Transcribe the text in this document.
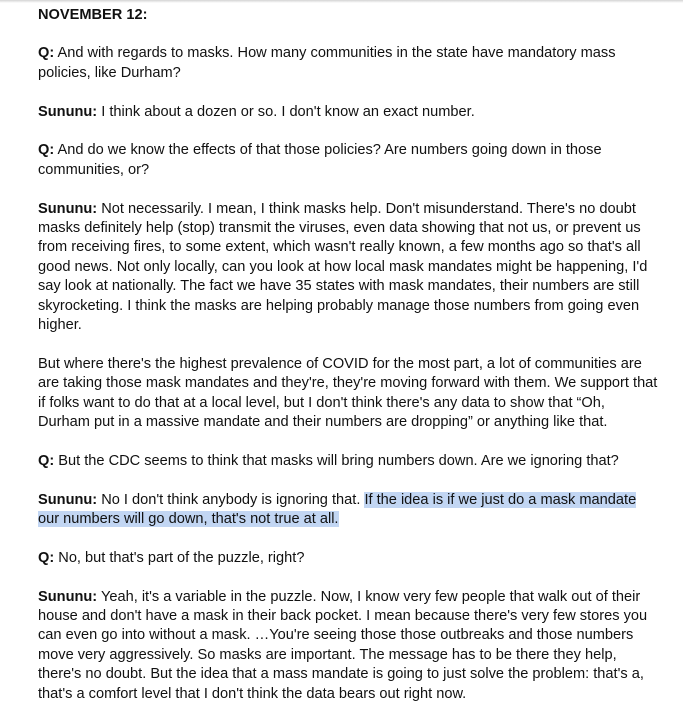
NOVEMBER 12:

Q: And with regards to masks. How many communities in the state have mandatory mass policies, like Durham?

Sununu: I think about a dozen or so. I don't know an exact number.

Q: And do we know the effects of that those policies? Are numbers going down in those communities, or?

Sununu: Not necessarily. I mean, I think masks help. Don't misunderstand. There's no doubt masks definitely help (stop) transmit the viruses, even data showing that not us, or prevent us from receiving fires, to some extent, which wasn't really known, a few months ago so that's all good news. Not only locally, can you look at how local mask mandates might be happening, I'd say look at nationally. The fact we have 35 states with mask mandates, their numbers are still skyrocketing. I think the masks are helping probably manage those numbers from going even higher.

But where there's the highest prevalence of COVID for the most part, a lot of communities are are taking those mask mandates and they're, they're moving forward with them. We support that if folks want to do that at a local level, but I don't think there's any data to show that “Oh, Durham put in a massive mandate and their numbers are dropping” or anything like that.

Q: But the CDC seems to think that masks will bring numbers down. Are we ignoring that?

Sununu: No I don't think anybody is ignoring that. If the idea is if we just do a mask mandate our numbers will go down, that's not true at all.

Q: No, but that's part of the puzzle, right?

Sununu: Yeah, it's a variable in the puzzle. Now, I know very few people that walk out of their house and don't have a mask in their back pocket. I mean because there's very few stores you can even go into without a mask. …You're seeing those those outbreaks and those numbers move very aggressively. So masks are important. The message has to be there they help, there's no doubt. But the idea that a mass mandate is going to just solve the problem: that's a, that's a comfort level that I don't think the data bears out right now.
